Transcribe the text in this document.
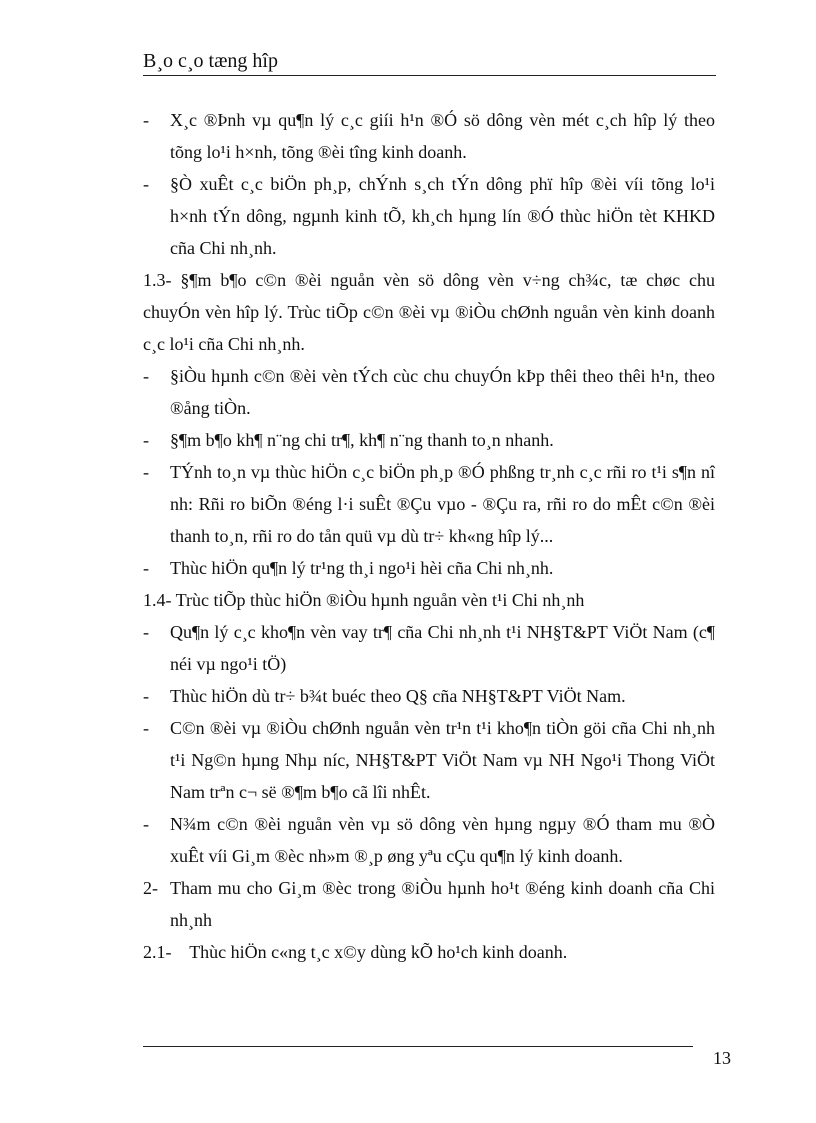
B¸o c¸o tæng hîp
- X¸c ®Þnh vµ qu¶n lý c¸c giíi h¹n ®Ó sö dông vèn mét c¸ch hîp lý theo tõng lo¹i h×nh, tõng ®èi tîng kinh doanh.
- §Ò xuÊt c¸c biÖn ph¸p, chÝnh s¸ch tÝn dông phï hîp ®èi víi tõng lo¹i h×nh tÝn dông, ngµnh kinh tÕ, kh¸ch hµng lín ®Ó thùc hiÖn tèt KHKD cña Chi nh¸nh.
1.3- §¶m b¶o c©n ®èi nguån vèn sö dông vèn v÷ng ch¾c, tæ chøc chu chuyÓn vèn hîp lý. Trùc tiÕp c©n ®èi vµ ®iÒu chØnh nguån vèn kinh doanh c¸c lo¹i cña Chi nh¸nh.
- §iÒu hµnh c©n ®èi vèn tÝch cùc chu chuyÓn kÞp thêi theo thêi h¹n, theo ®ång tiÒn.
- §¶m b¶o kh¶ n¨ng chi tr¶, kh¶ n¨ng thanh to¸n nhanh.
- TÝnh to¸n vµ thùc hiÖn c¸c biÖn ph¸p ®Ó phßng tr¸nh c¸c rñi ro t¹i s¶n nî nh: Rñi ro biÕn ®éng l·i suÊt ®Çu vµo - ®Çu ra, rñi ro do mÊt c©n ®èi thanh to¸n, rñi ro do tån quü vµ dù tr÷ kh«ng hîp lý...
- Thùc hiÖn qu¶n lý tr¹ng th¸i ngo¹i hèi cña Chi nh¸nh.
1.4- Trùc tiÕp thùc hiÖn ®iÒu hµnh nguån vèn t¹i Chi nh¸nh
- Qu¶n lý c¸c kho¶n vèn vay tr¶ cña Chi nh¸nh t¹i NH§T&PT ViÖt Nam (c¶ néi vµ ngo¹i tÖ)
- Thùc hiÖn dù tr÷ b¾t buéc theo Q§ cña NH§T&PT ViÖt Nam.
- C©n ®èi vµ ®iÒu chØnh nguån vèn tr¹n t¹i kho¶n tiÒn göi cña Chi nh¸nh t¹i Ng©n hµng Nhµ níc, NH§T&PT ViÖt Nam vµ NH Ngo¹i Thong ViÖt Nam trªn c¬ së ®¶m b¶o cã lîi nhÊt.
- N¾m c©n ®èi nguån vèn vµ sö dông vèn hµng ngµy ®Ó tham mu ®Ò xuÊt víi Gi¸m ®èc nh»m ®¸p øng yªu cÇu qu¶n lý kinh doanh.
2- Tham mu cho Gi¸m ®èc trong ®iÒu hµnh ho¹t ®éng kinh doanh cña Chi nh¸nh
2.1- Thùc hiÖn c«ng t¸c x©y dùng kÕ ho¹ch kinh doanh.
13
